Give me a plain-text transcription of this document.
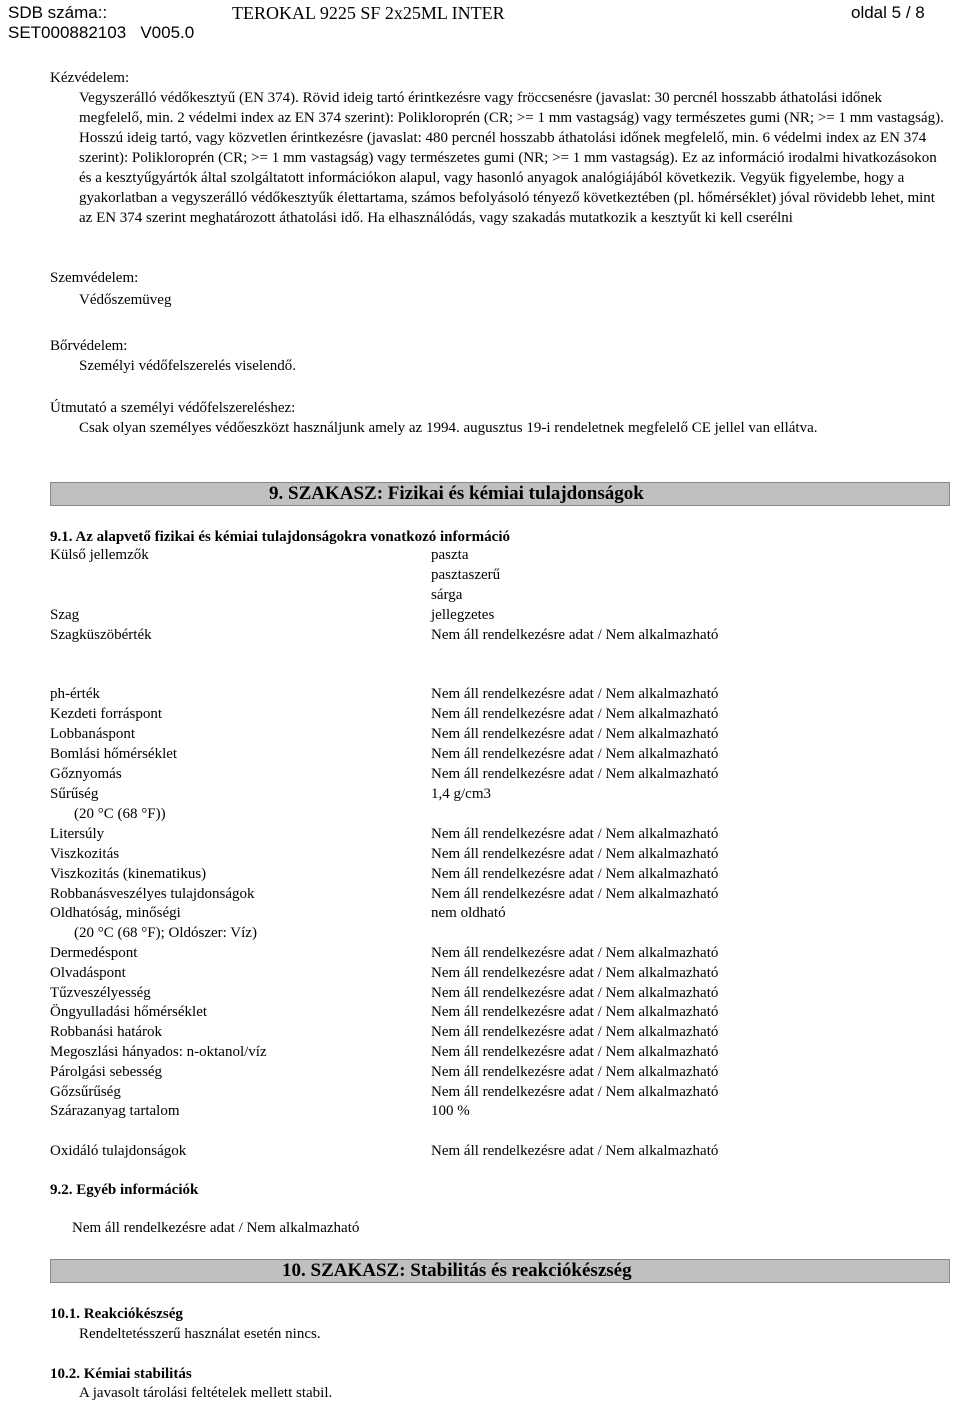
SDB száma::
SET000882103 V005.0
TEROKAL 9225 SF 2x25ML INTER	oldal 5 / 8
Kézvédelem:
Vegyszerálló védőkesztyű (EN 374). Rövid ideig tartó érintkezésre vagy fröccsenésre (javaslat: 30 percnél hosszabb áthatolási időnek megfelelő, min. 2 védelmi index az EN 374 szerint): Polikloroprén (CR; >= 1 mm vastagság) vagy természetes gumi (NR; >= 1 mm vastagság). Hosszú ideig tartó, vagy közvetlen érintkezésre (javaslat: 480 percnél hosszabb áthatolási időnek megfelelő, min. 6 védelmi index az EN 374 szerint): Polikloroprén (CR; >= 1 mm vastagság) vagy természetes gumi (NR; >= 1 mm vastagság). Ez az információ irodalmi hivatkozásokon és a kesztyűgyártók által szolgáltatott információkon alapul, vagy hasonló anyagok analógiájából következik. Vegyük figyelembe, hogy a gyakorlatban a vegyszerálló védőkesztyűk élettartama, számos befolyásoló tényező következtében (pl. hőmérséklet) jóval rövidebb lehet, mint az EN 374 szerint meghatározott áthatolási idő. Ha elhasználódás, vagy szakadás mutatkozik a kesztyűt ki kell cserélni
Szemvédelem:
Védőszemüveg
Bőrvédelem:
Személyi védőfelszerelés viselendő.
Útmutató a személyi védőfelszereléshez:
Csak olyan személyes védőeszközt használjunk amely az 1994. augusztus 19-i rendeletnek megfelelő CE jellel van ellátva.
9. SZAKASZ: Fizikai és kémiai tulajdonságok
9.1. Az alapvető fizikai és kémiai tulajdonságokra vonatkozó információ
Külső jellemzők	paszta
pasztaszerű
sárga
Szag	jellegzetes
Szagküszöbérték	Nem áll rendelkezésre adat / Nem alkalmazható
ph-érték	Nem áll rendelkezésre adat / Nem alkalmazható
Kezdeti forráspont	Nem áll rendelkezésre adat / Nem alkalmazható
Lobbanáspont	Nem áll rendelkezésre adat / Nem alkalmazható
Bomlási hőmérséklet	Nem áll rendelkezésre adat / Nem alkalmazható
Gőznyomás	Nem áll rendelkezésre adat / Nem alkalmazható
Sűrűség	1,4 g/cm3
(20 °C (68 °F))
Litersúly	Nem áll rendelkezésre adat / Nem alkalmazható
Viszkozitás	Nem áll rendelkezésre adat / Nem alkalmazható
Viszkozitás (kinematikus)	Nem áll rendelkezésre adat / Nem alkalmazható
Robbanásveszélyes tulajdonságok	Nem áll rendelkezésre adat / Nem alkalmazható
Oldhatóság, minőségi	nem oldható
(20 °C (68 °F); Oldószer: Víz)
Dermedéspont	Nem áll rendelkezésre adat / Nem alkalmazható
Olvadáspont	Nem áll rendelkezésre adat / Nem alkalmazható
Tűzveszélyesség	Nem áll rendelkezésre adat / Nem alkalmazható
Öngyulladási hőmérséklet	Nem áll rendelkezésre adat / Nem alkalmazható
Robbanási határok	Nem áll rendelkezésre adat / Nem alkalmazható
Megoszlási hányados: n-oktanol/víz	Nem áll rendelkezésre adat / Nem alkalmazható
Párolgási sebesség	Nem áll rendelkezésre adat / Nem alkalmazható
Gőzsűrűség	Nem áll rendelkezésre adat / Nem alkalmazható
Szárazanyag tartalom	100 %
Oxidáló tulajdonságok	Nem áll rendelkezésre adat / Nem alkalmazható
9.2. Egyéb információk
Nem áll rendelkezésre adat / Nem alkalmazható
10. SZAKASZ: Stabilitás és reakciókészség
10.1. Reakciókészség
Rendeltetésszerű használat esetén nincs.
10.2. Kémiai stabilitás
A javasolt tárolási feltételek mellett stabil.
